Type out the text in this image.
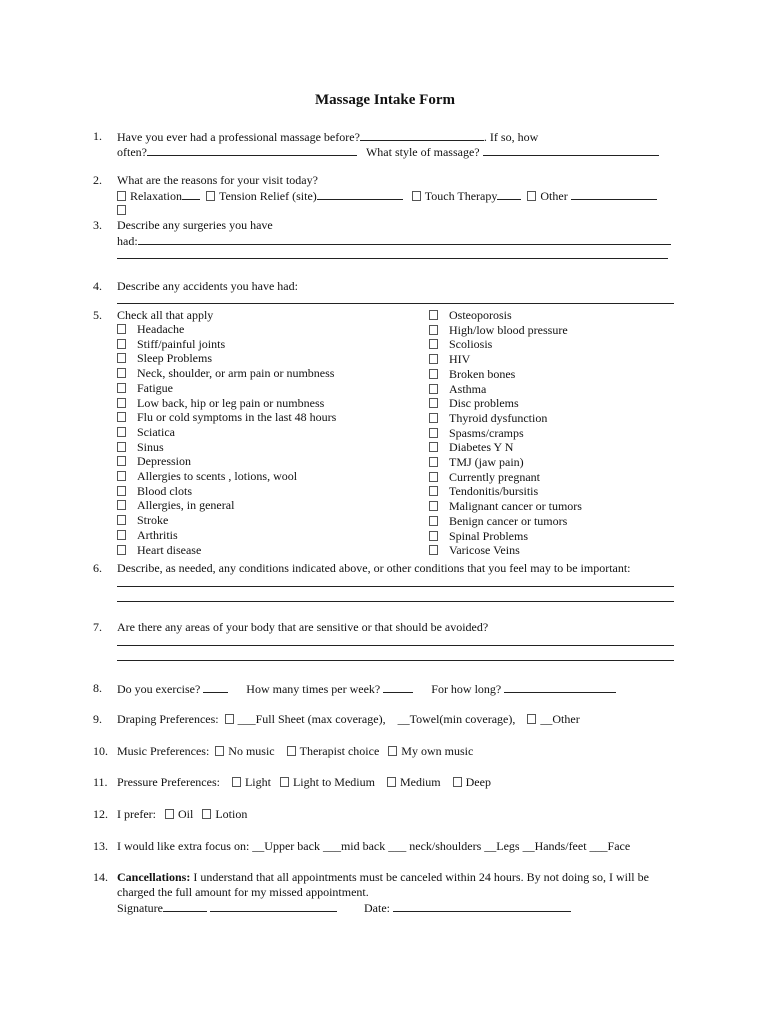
Massage Intake Form
1. Have you ever had a professional massage before?	. If so, how
often?	What style of massage?
2. What are the reasons for your visit today?
Relaxation	Tension Relief (site)	Touch Therapy	Other
3. Describe any surgeries you have
had:
4. Describe any accidents you have had:
5. Check all that apply
Headache
Stiff/painful joints
Sleep Problems
Neck, shoulder, or arm pain or numbness
Fatigue
Low back, hip or leg pain or numbness
Flu or cold symptoms in the last 48 hours
Sciatica
Sinus
Depression
Allergies to scents , lotions, wool
Blood clots
Allergies, in general
Stroke
Arthritis
Heart disease
Osteoporosis
High/low blood pressure
Scoliosis
HIV
Broken bones
Asthma
Disc problems
Thyroid dysfunction
Spasms/cramps
Diabetes Y N
TMJ (jaw pain)
Currently pregnant
Tendonitis/bursitis
Malignant cancer or tumors
Benign cancer or tumors
Spinal Problems
Varicose Veins
6. Describe, as needed, any conditions indicated above, or other conditions that you feel may to be important:
7. Are there any areas of your body that are sensitive or that should be avoided?
8. Do you exercise?	How many times per week?	For how long?
9. Draping Preferences: ___Full Sheet (max coverage), __Towel(min coverage), __Other
10. Music Preferences: No music Therapist choice My own music
11. Pressure Preferences: Light Light to Medium Medium Deep
12. I prefer: Oil Lotion
13. I would like extra focus on: __Upper back ___mid back ___ neck/shoulders __Legs __Hands/feet ___Face
14. Cancellations: I understand that all appointments must be canceled within 24 hours. By not doing so, I will be
charged the full amount for my missed appointment.
Signature	Date:
